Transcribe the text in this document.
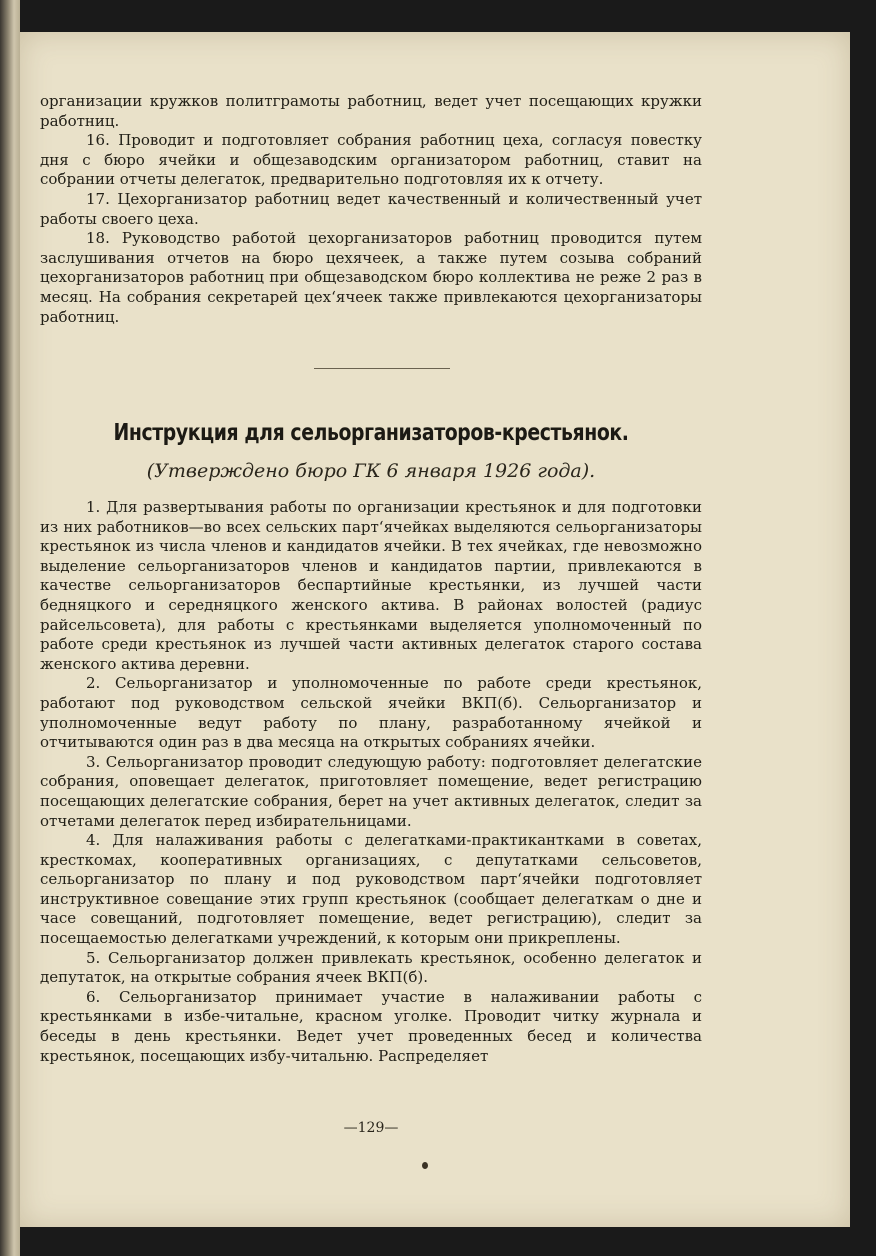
организации кружков политграмоты работниц, ведет учет посещающих кружки работниц.

16. Проводит и подготовляет собрания работниц цеха, согласуя повестку дня с бюро ячейки и общезаводским организатором работниц, ставит на собрании отчеты делегаток, предварительно подготовляя их к отчету.

17. Цехорганизатор работниц ведет качественный и количественный учет работы своего цеха.

18. Руководство работой цехорганизаторов работниц проводится путем заслушивания отчетов на бюро цехячеек, а также путем созыва собраний цехорганизаторов работниц при общезаводском бюро коллектива не реже 2 раз в месяц. На собрания секретарей цех‘ячеек также привлекаются цехорганизаторы работниц.

Инструкция для сельорганизаторов-крестьянок.
(Утверждено бюро ГК 6 января 1926 года).

1. Для развертывания работы по организации крестьянок и для подготовки из них работников—во всех сельских парт‘ячейках выделяются сельорганизаторы крестьянок из числа членов и кандидатов ячейки. В тех ячейках, где невозможно выделение сельорганизаторов членов и кандидатов партии, привлекаются в качестве сельорганизаторов беспартийные крестьянки, из лучшей части бедняцкого и середняцкого женского актива. В районах волостей (радиус райсельсовета), для работы с крестьянками выделяется уполномоченный по работе среди крестьянок из лучшей части активных делегаток старого состава женского актива деревни.

2. Сельорганизатор и уполномоченные по работе среди крестьянок, работают под руководством сельской ячейки ВКП(б). Сельорганизатор и уполномоченные ведут работу по плану, разработанному ячейкой и отчитываются один раз в два месяца на открытых собраниях ячейки.

3. Сельорганизатор проводит следующую работу: подготовляет делегатские собрания, оповещает делегаток, приготовляет помещение, ведет регистрацию посещающих делегатские собрания, берет на учет активных делегаток, следит за отчетами делегаток перед избирательницами.

4. Для налаживания работы с делегатками-практикантками в советах, кресткомах, кооперативных организациях, с депутатками сельсоветов, сельорганизатор по плану и под руководством парт‘ячейки подготовляет инструктивное совещание этих групп крестьянок (сообщает делегаткам о дне и часе совещаний, подготовляет помещение, ведет регистрацию), следит за посещаемостью делегатками учреждений, к которым они прикреплены.

5. Сельорганизатор должен привлекать крестьянок, особенно делегаток и депутаток, на открытые собрания ячеек ВКП(б).

6. Сельорганизатор принимает участие в налаживании работы с крестьянками в избе-читальне, красном уголке. Проводит читку журнала и беседы в день крестьянки. Ведет учет проведенных бесед и количества крестьянок, посещающих избу-читальню. Распределяет

—129—
